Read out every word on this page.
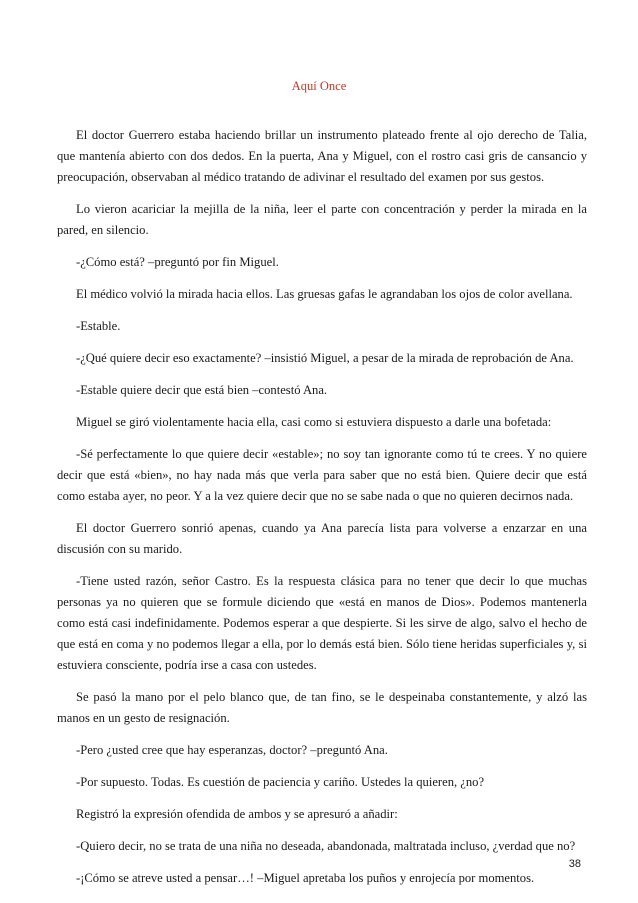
Aquí Once

El doctor Guerrero estaba haciendo brillar un instrumento plateado frente al ojo derecho de Talia, que mantenía abierto con dos dedos. En la puerta, Ana y Miguel, con el rostro casi gris de cansancio y preocupación, observaban al médico tratando de adivinar el resultado del examen por sus gestos.

Lo vieron acariciar la mejilla de la niña, leer el parte con concentración y perder la mirada en la pared, en silencio.

-¿Cómo está? –preguntó por fin Miguel.

El médico volvió la mirada hacia ellos. Las gruesas gafas le agrandaban los ojos de color avellana.

-Estable.

-¿Qué quiere decir eso exactamente? –insistió Miguel, a pesar de la mirada de reprobación de Ana.

-Estable quiere decir que está bien –contestó Ana.

Miguel se giró violentamente hacia ella, casi como si estuviera dispuesto a darle una bofetada:

-Sé perfectamente lo que quiere decir «estable»; no soy tan ignorante como tú te crees. Y no quiere decir que está «bien», no hay nada más que verla para saber que no está bien. Quiere decir que está como estaba ayer, no peor. Y a la vez quiere decir que no se sabe nada o que no quieren decirnos nada.

El doctor Guerrero sonrió apenas, cuando ya Ana parecía lista para volverse a enzarzar en una discusión con su marido.

-Tiene usted razón, señor Castro. Es la respuesta clásica para no tener que decir lo que muchas personas ya no quieren que se formule diciendo que «está en manos de Dios». Podemos mantenerla como está casi indefinidamente. Podemos esperar a que despierte. Si les sirve de algo, salvo el hecho de que está en coma y no podemos llegar a ella, por lo demás está bien. Sólo tiene heridas superficiales y, si estuviera consciente, podría irse a casa con ustedes.

Se pasó la mano por el pelo blanco que, de tan fino, se le despeinaba constantemente, y alzó las manos en un gesto de resignación.

-Pero ¿usted cree que hay esperanzas, doctor? –preguntó Ana.

-Por supuesto. Todas. Es cuestión de paciencia y cariño. Ustedes la quieren, ¿no?

Registró la expresión ofendida de ambos y se apresuró a añadir:

-Quiero decir, no se trata de una niña no deseada, abandonada, maltratada incluso, ¿verdad que no?

-¡Cómo se atreve usted a pensar…! –Miguel apretaba los puños y enrojecía por momentos.

38
